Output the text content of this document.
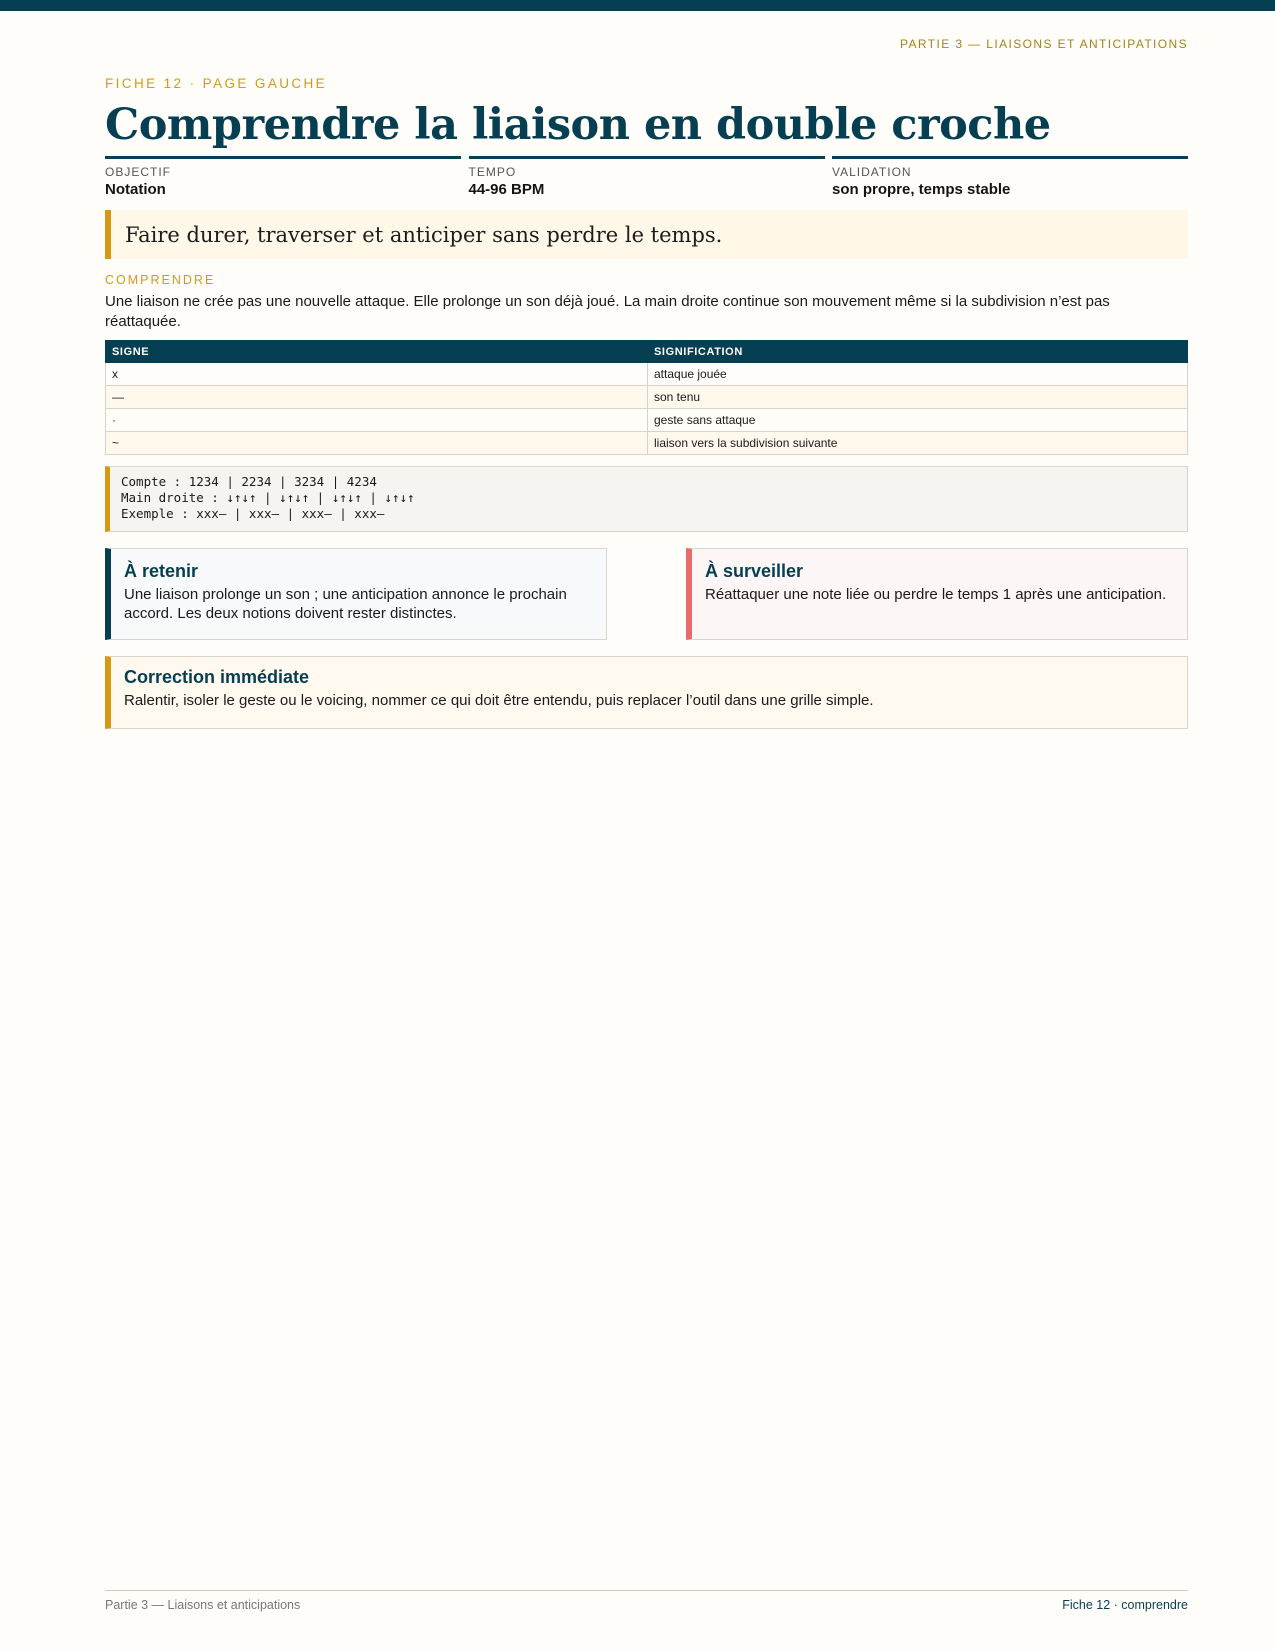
PARTIE 3 — LIAISONS ET ANTICIPATIONS
FICHE 12 · PAGE GAUCHE
Comprendre la liaison en double croche
OBJECTIF
Notation
TEMPO
44-96 BPM
VALIDATION
son propre, temps stable
Faire durer, traverser et anticiper sans perdre le temps.
COMPRENDRE
Une liaison ne crée pas une nouvelle attaque. Elle prolonge un son déjà joué. La main droite continue son mouvement même si la subdivision n’est pas réattaquée.
SIGNE	SIGNIFICATION
x	attaque jouée
—	son tenu
·	geste sans attaque
~	liaison vers la subdivision suivante
Compte : 1234 | 2234 | 3234 | 4234
Main droite : ↓↑↓↑ | ↓↑↓↑ | ↓↑↓↑ | ↓↑↓↑
Exemple : xxx— | xxx— | xxx— | xxx—
À retenir
Une liaison prolonge un son ; une anticipation annonce le prochain accord. Les deux notions doivent rester distinctes.
À surveiller
Réattaquer une note liée ou perdre le temps 1 après une anticipation.
Correction immédiate
Ralentir, isoler le geste ou le voicing, nommer ce qui doit être entendu, puis replacer l’outil dans une grille simple.
Partie 3 — Liaisons et anticipations	Fiche 12 · comprendre
